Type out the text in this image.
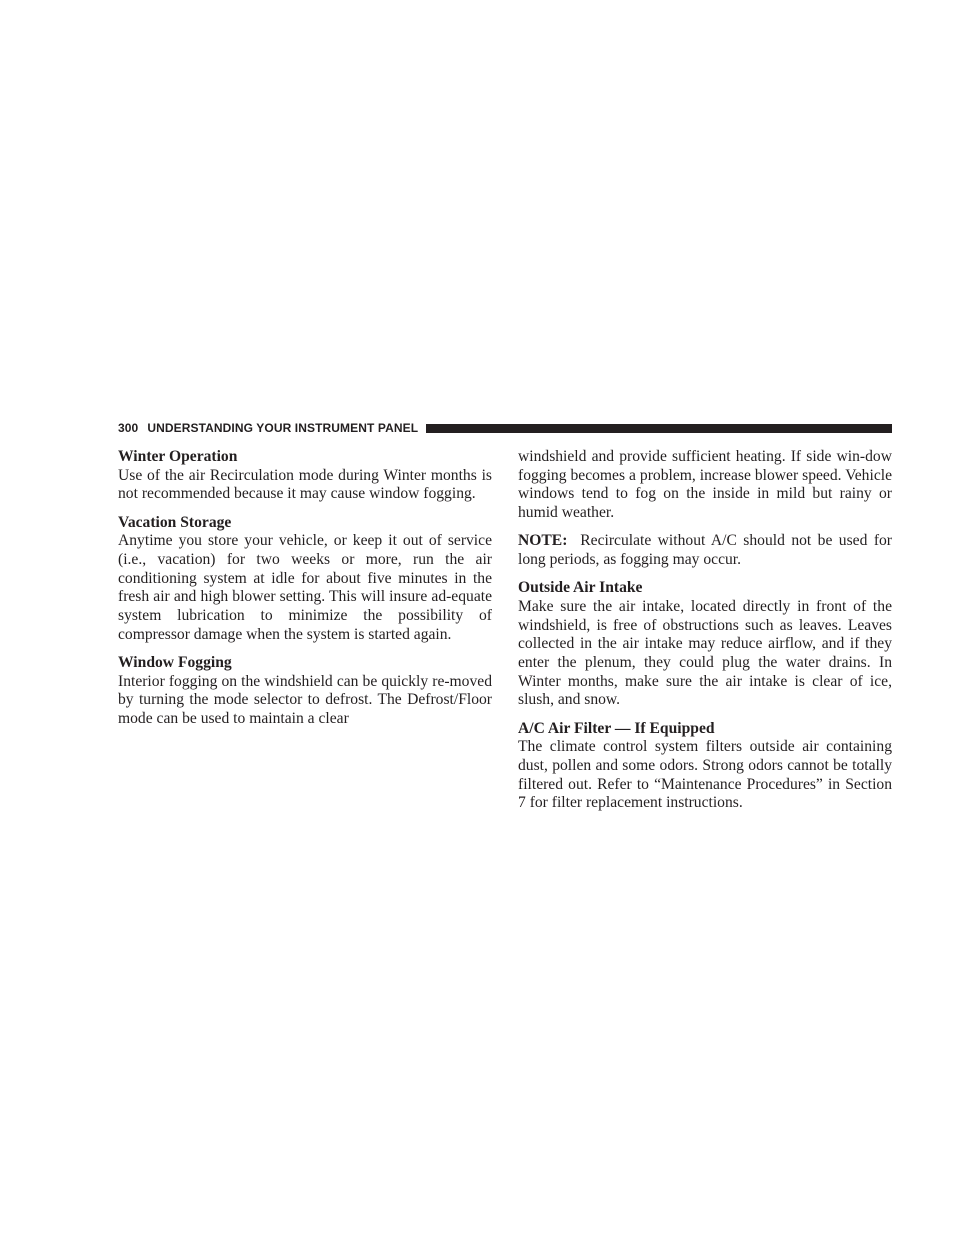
300 UNDERSTANDING YOUR INSTRUMENT PANEL
Winter Operation

Use of the air Recirculation mode during Winter months is not recommended because it may cause window fogging.

Vacation Storage

Anytime you store your vehicle, or keep it out of service (i.e., vacation) for two weeks or more, run the air conditioning system at idle for about five minutes in the fresh air and high blower setting. This will insure ad-equate system lubrication to minimize the possibility of compressor damage when the system is started again.

Window Fogging

Interior fogging on the windshield can be quickly re-moved by turning the mode selector to defrost. The Defrost/Floor mode can be used to maintain a clear

windshield and provide sufficient heating. If side win-dow fogging becomes a problem, increase blower speed. Vehicle windows tend to fog on the inside in mild but rainy or humid weather.

NOTE: Recirculate without A/C should not be used for long periods, as fogging may occur.

Outside Air Intake

Make sure the air intake, located directly in front of the windshield, is free of obstructions such as leaves. Leaves collected in the air intake may reduce airflow, and if they enter the plenum, they could plug the water drains. In Winter months, make sure the air intake is clear of ice, slush, and snow.

A/C Air Filter — If Equipped

The climate control system filters outside air containing dust, pollen and some odors. Strong odors cannot be totally filtered out. Refer to “Maintenance Procedures” in Section 7 for filter replacement instructions.
